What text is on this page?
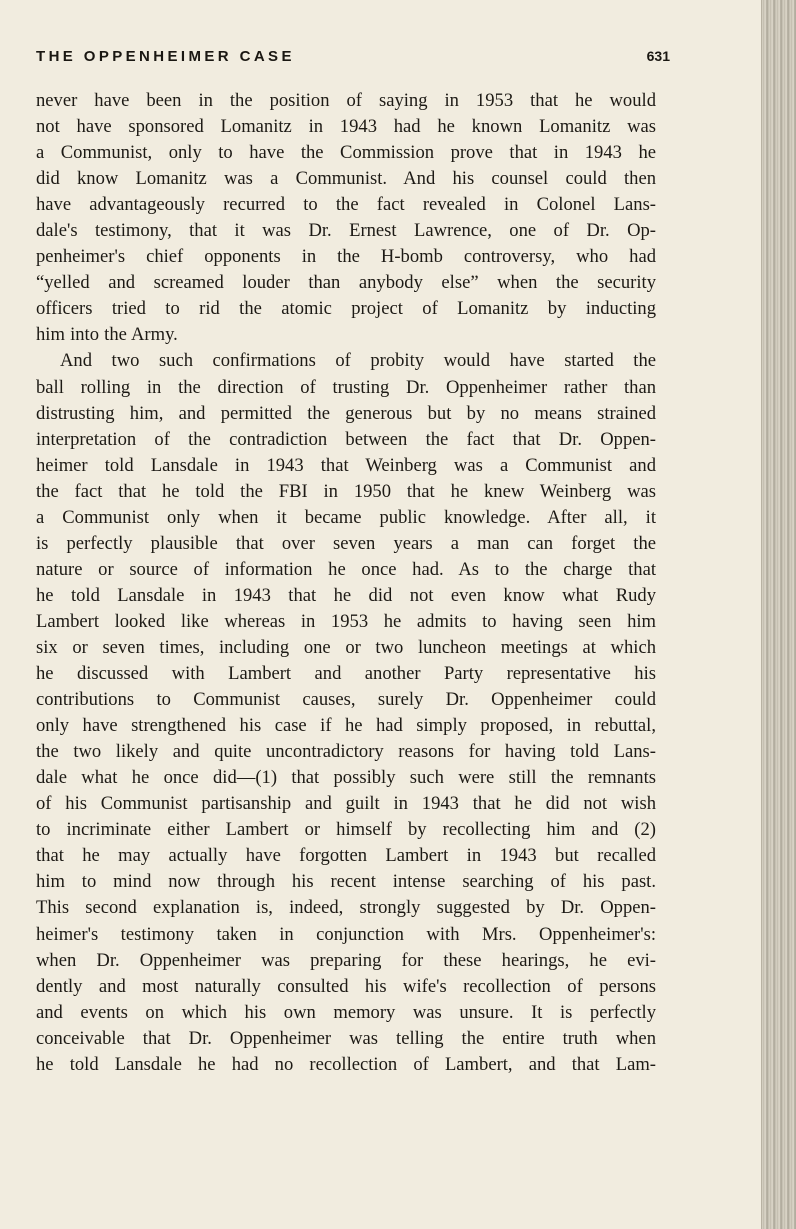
THE OPPENHEIMER CASE	631
never have been in the position of saying in 1953 that he would
not have sponsored Lomanitz in 1943 had he known Lomanitz was
a Communist, only to have the Commission prove that in 1943 he
did know Lomanitz was a Communist. And his counsel could then
have advantageously recurred to the fact revealed in Colonel Lans-
dale's testimony, that it was Dr. Ernest Lawrence, one of Dr. Op-
penheimer's chief opponents in the H-bomb controversy, who had
“yelled and screamed louder than anybody else” when the security
officers tried to rid the atomic project of Lomanitz by inducting
him into the Army.
And two such confirmations of probity would have started the
ball rolling in the direction of trusting Dr. Oppenheimer rather than
distrusting him, and permitted the generous but by no means strained
interpretation of the contradiction between the fact that Dr. Oppen-
heimer told Lansdale in 1943 that Weinberg was a Communist and
the fact that he told the FBI in 1950 that he knew Weinberg was
a Communist only when it became public knowledge. After all, it
is perfectly plausible that over seven years a man can forget the
nature or source of information he once had. As to the charge that
he told Lansdale in 1943 that he did not even know what Rudy
Lambert looked like whereas in 1953 he admits to having seen him
six or seven times, including one or two luncheon meetings at which
he discussed with Lambert and another Party representative his
contributions to Communist causes, surely Dr. Oppenheimer could
only have strengthened his case if he had simply proposed, in rebuttal,
the two likely and quite uncontradictory reasons for having told Lans-
dale what he once did—(1) that possibly such were still the remnants
of his Communist partisanship and guilt in 1943 that he did not wish
to incriminate either Lambert or himself by recollecting him and (2)
that he may actually have forgotten Lambert in 1943 but recalled
him to mind now through his recent intense searching of his past.
This second explanation is, indeed, strongly suggested by Dr. Oppen-
heimer's testimony taken in conjunction with Mrs. Oppenheimer's:
when Dr. Oppenheimer was preparing for these hearings, he evi-
dently and most naturally consulted his wife's recollection of persons
and events on which his own memory was unsure. It is perfectly
conceivable that Dr. Oppenheimer was telling the entire truth when
he told Lansdale he had no recollection of Lambert, and that Lam-
